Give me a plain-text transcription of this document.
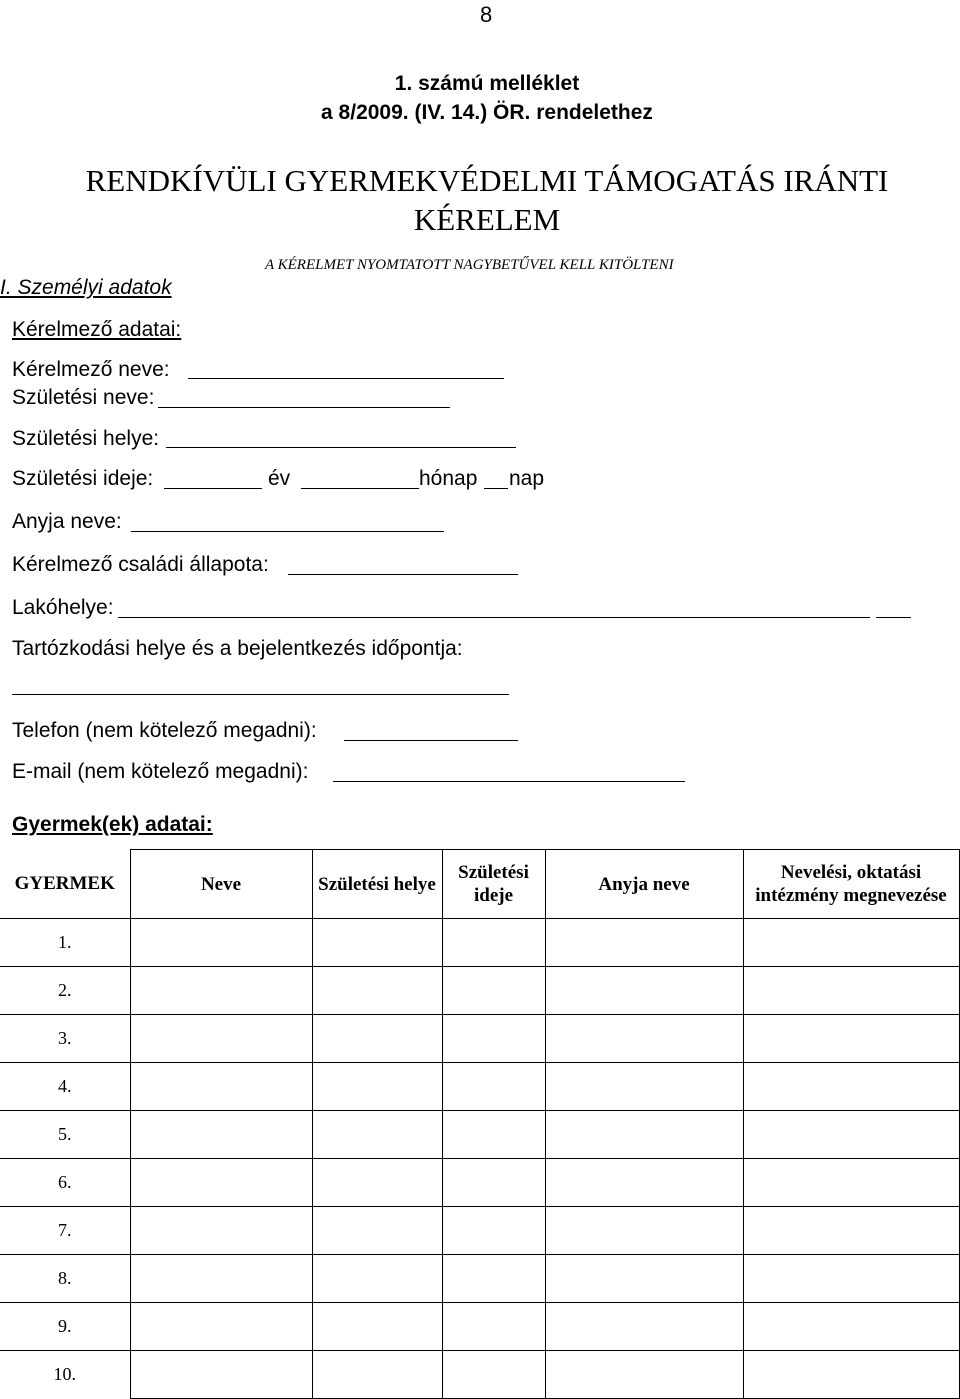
8
1. számú melléklet
a 8/2009. (IV. 14.) ÖR. rendelethez
RENDKÍVÜLI GYERMEKVÉDELMI TÁMOGATÁS IRÁNTI
KÉRELEM
A KÉRELMET NYOMTATOTT NAGYBETŰVEL KELL KITÖLTENI
I. Személyi adatok
Kérelmező adatai:
Kérelmező neve:
Születési neve:
Születési helye:
Születési ideje:	év	hónap nap
Anyja neve:
Kérelmező családi állapota:
Lakóhelye:
Tartózkodási helye és a bejelentkezés időpontja:
Telefon (nem kötelező megadni):
E-mail (nem kötelező megadni):
Gyermek(ek) adatai:
GYERMEK	Neve	Születési helye	Születési ideje	Anyja neve	Nevelési, oktatási intézmény megnevezése
1.					
2.					
3.					
4.					
5.					
6.					
7.					
8.					
9.					
10.					
